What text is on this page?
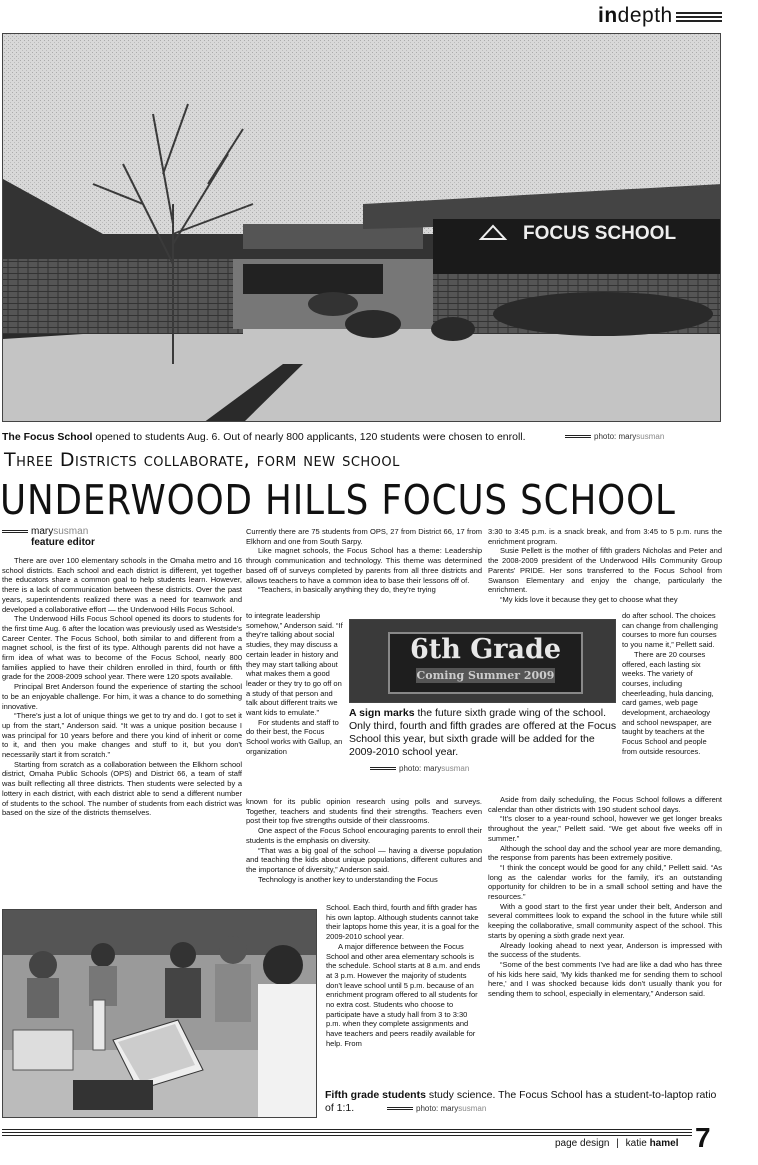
indepth
FOCUS SCHOOL
The Focus School opened to students Aug. 6. Out of nearly 800 applicants, 120 students were chosen to enroll.	photo: marysusman
Three Districts collaborate, form new school
UNDERWOOD HILLS FOCUS SCHOOL
marysusman
feature editor

There are over 100 elementary schools in the Omaha metro and 16 school districts. Each school and each district is different, yet together the educators share a common goal to help students learn. However, there is a lack of communication between these districts. Over the past years, superintendents realized there was a need for teamwork and developed a collaborative effort — the Underwood Hills Focus School.

The Underwood Hills Focus School opened its doors to students for the first time Aug. 6 after the location was previously used as Westside's Career Center. The Focus School, both similar to and different from a magnet school, is the first of its type. Although parents did not have a firm idea of what was to become of the Focus School, nearly 800 families applied to have their children enrolled in third, fourth or fifth grade for the 2008-2009 school year. There were 120 spots available.

Principal Bret Anderson found the experience of starting the school to be an enjoyable challenge. For him, it was a chance to do something innovative.

“There's just a lot of unique things we get to try and do. I got to set it up from the start,” Anderson said. “It was a unique position because I was principal for 10 years before and there you kind of inherit or come to it, and then you make changes and stuff to it, but you don't necessarily start it from scratch.”

Starting from scratch as a collaboration between the Elkhorn school district, Omaha Public Schools (OPS) and District 66, a team of staff was built reflecting all three districts. Then students were selected by a lottery in each district, with each district able to send a different number of students to the school. The number of students from each district was based on the size of the districts themselves.

Currently there are 75 students from OPS, 27 from District 66, 17 from Elkhorn and one from South Sarpy.

Like magnet schools, the Focus School has a theme: Leadership through communication and technology. This theme was determined based off of surveys completed by parents from all three districts and allows teachers to have a common idea to base their lessons off of.

“Teachers, in basically anything they do, they're trying

to integrate leadership somehow,” Anderson said. “If they're talking about social studies, they may discuss a certain leader in history and they may start talking about what makes them a good leader or they try to go off on a study of that person and talk about different traits we want kids to emulate.”

For students and staff to do their best, the Focus School works with Gallup, an organization

known for its public opinion research using polls and surveys. Together, teachers and students find their strengths. Teachers even post their top five strengths outside of their classrooms.

One aspect of the Focus School encouraging parents to enroll their students is the emphasis on diversity.

“That was a big goal of the school — having a diverse population and teaching the kids about unique populations, different cultures and the importance of diversity,” Anderson said.

Technology is another key to understanding the Focus

School. Each third, fourth and fifth grader has his own laptop. Although students cannot take their laptops home this year, it is a goal for the 2009-2010 school year.

A major difference between the Focus School and other area elementary schools is the schedule. School starts at 8 a.m. and ends at 3 p.m. However the majority of students don't leave school until 5 p.m. because of an enrichment program offered to all students for no extra cost. Students who choose to participate have a study hall from 3 to 3:30 p.m. when they complete assignments and have teachers and peers readily available for help. From

3:30 to 3:45 p.m. is a snack break, and from 3:45 to 5 p.m. runs the enrichment program.

Susie Pellett is the mother of fifth graders Nicholas and Peter and the 2008-2009 president of the Underwood Hills Community Group Parents' PRIDE. Her sons transferred to the Focus School from Swanson Elementary and enjoy the change, particularly the enrichment.

“My kids love it because they get to choose what they

do after school. The choices can change from challenging courses to more fun courses to you name it,” Pellett said.

There are 20 courses offered, each lasting six weeks. The variety of courses, including cheerleading, hula dancing, card games, web page development, archaeology and school newspaper, are taught by teachers at the Focus School and people from outside resources.

Aside from daily scheduling, the Focus School follows a different calendar than other districts with 190 student school days.

“It's closer to a year-round school, however we get longer breaks throughout the year,” Pellett said. “We get about five weeks off in summer.”

Although the school day and the school year are more demanding, the response from parents has been extremely positive.

“I think the concept would be good for any child,” Pellett said. “As long as the calendar works for the family, it's an outstanding opportunity for children to be in a small school setting and have the resources.”

With a good start to the first year under their belt, Anderson and several committees look to expand the school in the future while still keeping the collaborative, small community aspect of the school. This starts by opening a sixth grade next year.

Already looking ahead to next year, Anderson is impressed with the success of the students.

“Some of the best comments I've had are like a dad who has three of his kids here said, 'My kids thanked me for sending them to school here,' and I was shocked because kids don't usually thank you for sending them to school, especially in elementary,” Anderson said.

6th Grade
Coming Summer 2009
A sign marks the future sixth grade wing of the school. Only third, fourth and fifth grades are offered at the Focus School this year, but sixth grade will be added for the 2009-2010 school year.
photo: marysusman
Fifth grade students study science. The Focus School has a student-to-laptop ratio of 1:1.	photo: marysusman
page design | katie hamel 7
